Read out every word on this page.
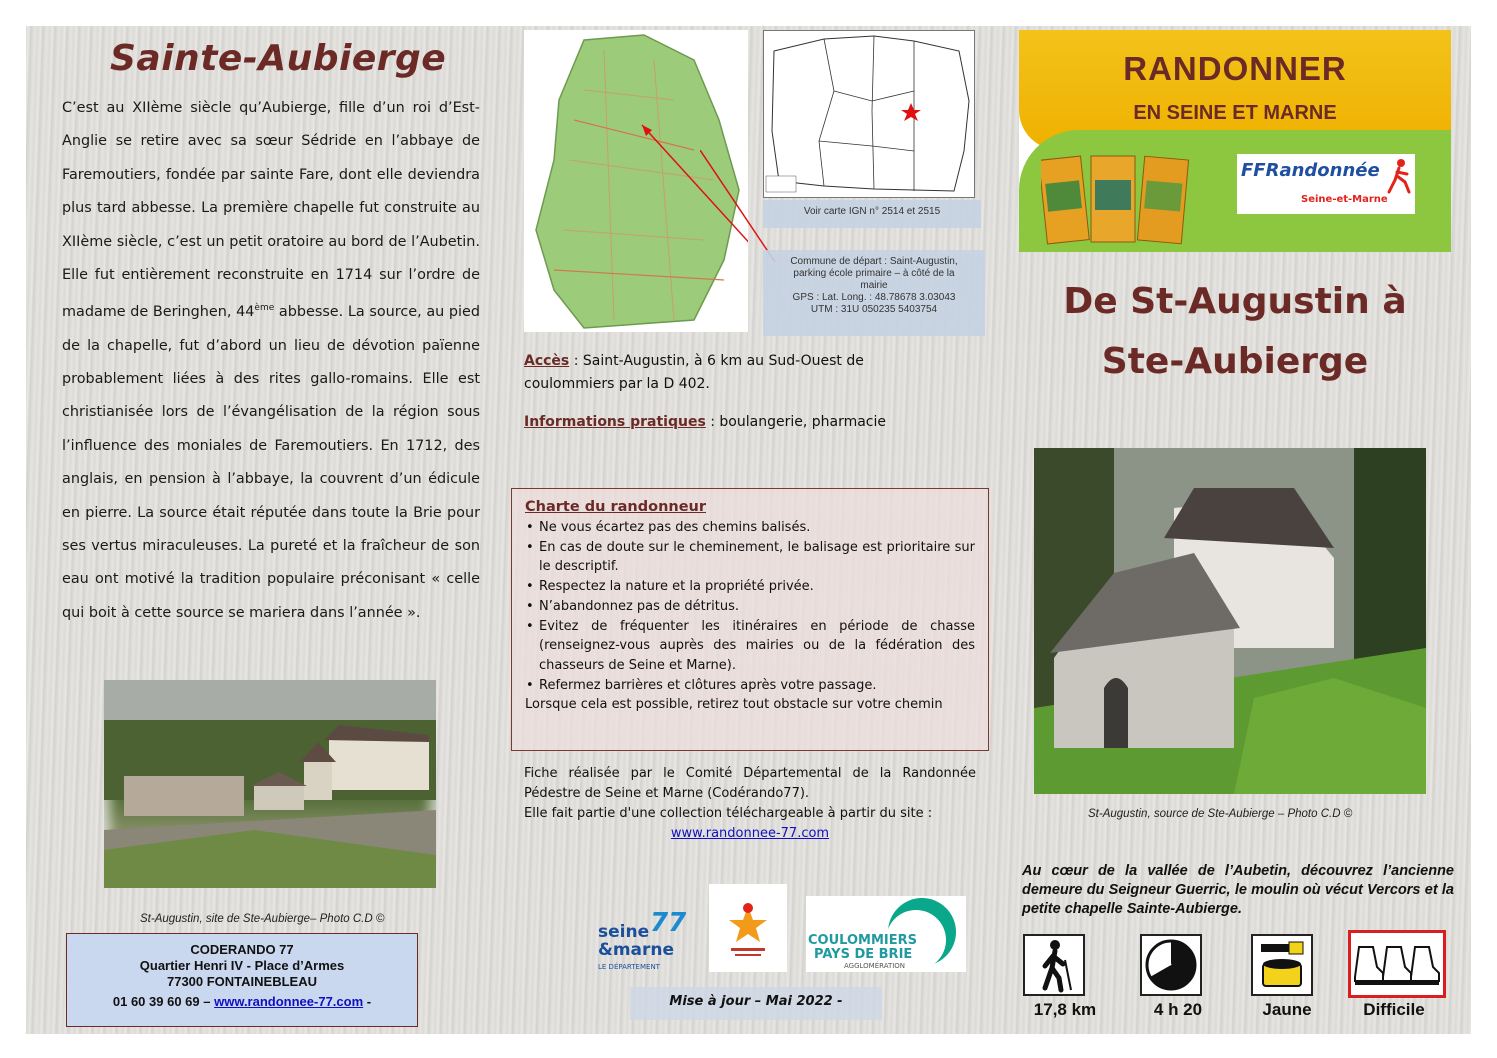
Sainte-Aubierge
C’est au XIIème siècle qu’Aubierge, fille d’un roi d’Est-Anglie se retire avec sa sœur Sédride en l’abbaye de Faremoutiers, fondée par sainte Fare, dont elle deviendra plus tard abbesse. La première chapelle fut construite au XIIème siècle, c’est un petit oratoire au bord de l’Aubetin. Elle fut entièrement reconstruite en 1714 sur l’ordre de madame de Beringhen, 44ème abbesse. La source, au pied de la chapelle, fut d’abord un lieu de dévotion païenne probablement liées à des rites gallo-romains. Elle est christianisée lors de l’évangélisation de la région sous l’influence des moniales de Faremoutiers. En 1712, des anglais, en pension à l’abbaye, la couvrent d’un édicule en pierre. La source était réputée dans toute la Brie pour ses vertus miraculeuses. La pureté et la fraîcheur de son eau ont motivé la tradition populaire préconisant « celle qui boit à cette source se mariera dans l’année ».
St-Augustin, site de Ste-Aubierge– Photo C.D ©
CODERANDO 77
Quartier Henri IV - Place d’Armes
77300 FONTAINEBLEAU
01 60 39 60 69 – www.randonnee-77.com -
Voir carte IGN n° 2514 et 2515
Commune de départ : Saint-Augustin,
parking école primaire – à côté de la
mairie
GPS : Lat. Long. : 48.78678 3.03043
UTM : 31U 050235 5403754
Accès : Saint-Augustin, à 6 km au Sud-Ouest de coulommiers par la D 402.
Informations pratiques : boulangerie, pharmacie
Charte du randonneur
• Ne vous écartez pas des chemins balisés.
• En cas de doute sur le cheminement, le balisage est prioritaire sur le descriptif.
• Respectez la nature et la propriété privée.
• N’abandonnez pas de détritus.
• Evitez de fréquenter les itinéraires en période de chasse (renseignez-vous auprès des mairies ou de la fédération des chasseurs de Seine et Marne).
• Refermez barrières et clôtures après votre passage.
Lorsque cela est possible, retirez tout obstacle sur votre chemin
Fiche réalisée par le Comité Départemental de la Randonnée Pédestre de Seine et Marne (Codérando77).
Elle fait partie d'une collection téléchargeable à partir du site :
www.randonnee-77.com
seine
&marne
77
LE DÉPARTEMENT
COULOMMIERS
PAYS DE BRIE
AGGLOMÉRATION
Mise à jour – Mai 2022 -
RANDONNER
EN SEINE ET MARNE
FFRandonnée
Seine-et-Marne
De St-Augustin à
Ste-Aubierge
St-Augustin, source de Ste-Aubierge – Photo C.D ©
Au cœur de la vallée de l’Aubetin, découvrez l’ancienne demeure du Seigneur Guerric, le moulin où vécut Vercors et la petite chapelle Sainte-Aubierge.
17,8 km	4 h 20	Jaune	Difficile
